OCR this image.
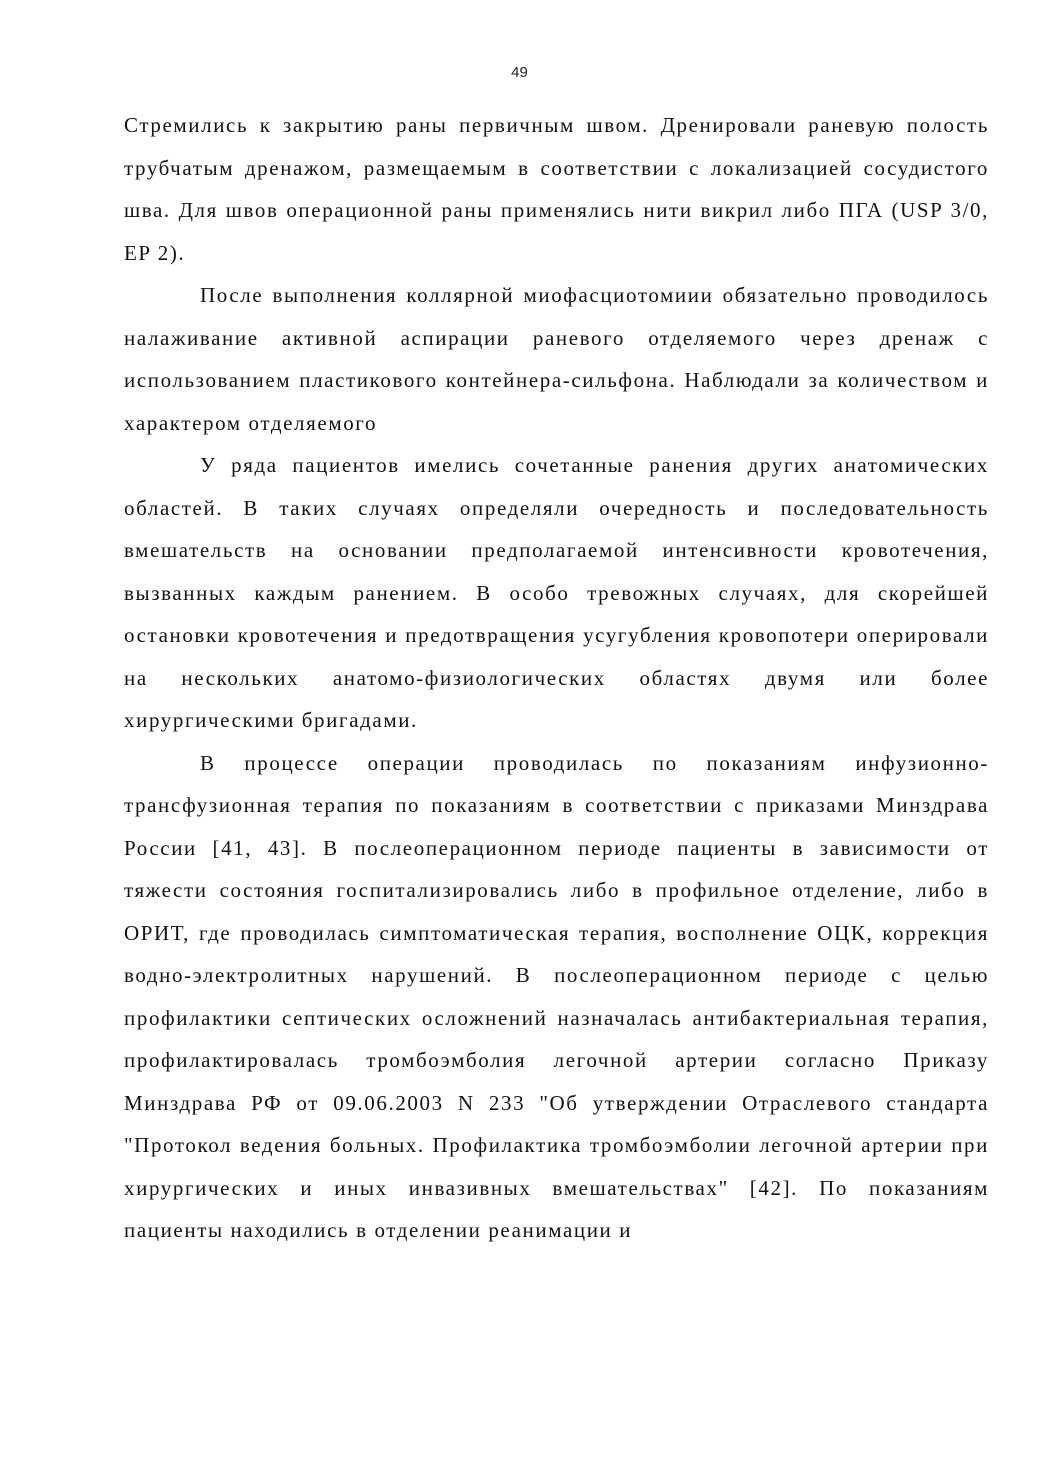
49

Стремились к закрытию раны первичным швом. Дренировали раневую полость трубчатым дренажом, размещаемым в соответствии с локализацией сосудистого шва. Для швов операционной раны применялись нити викрил либо ПГА (USP 3/0, EP 2).

После выполнения коллярной миофасциотомиии обязательно проводилось налаживание активной аспирации раневого отделяемого через дренаж с использованием пластикового контейнера-сильфона. Наблюдали за количеством и характером отделяемого

У ряда пациентов имелись сочетанные ранения других анатомических областей. В таких случаях определяли очередность и последовательность вмешательств на основании предполагаемой интенсивности кровотечения, вызванных каждым ранением. В особо тревожных случаях, для скорейшей остановки кровотечения и предотвращения усугубления кровопотери оперировали на нескольких анатомо-физиологических областях двумя или более хирургическими бригадами.

В процессе операции проводилась по показаниям инфузионно-трансфузионная терапия по показаниям в соответствии с приказами Минздрава России [41, 43]. В послеоперационном периоде пациенты в зависимости от тяжести состояния госпитализировались либо в профильное отделение, либо в ОРИТ, где проводилась симптоматическая терапия, восполнение ОЦК, коррекция водно-электролитных нарушений. В послеоперационном периоде с целью профилактики септических осложнений назначалась антибактериальная терапия, профилактировалась тромбоэмболия легочной артерии согласно Приказу Минздрава РФ от 09.06.2003 N 233 "Об утверждении Отраслевого стандарта "Протокол ведения больных. Профилактика тромбоэмболии легочной артерии при хирургических и иных инвазивных вмешательствах" [42]. По показаниям пациенты находились в отделении реанимации и
